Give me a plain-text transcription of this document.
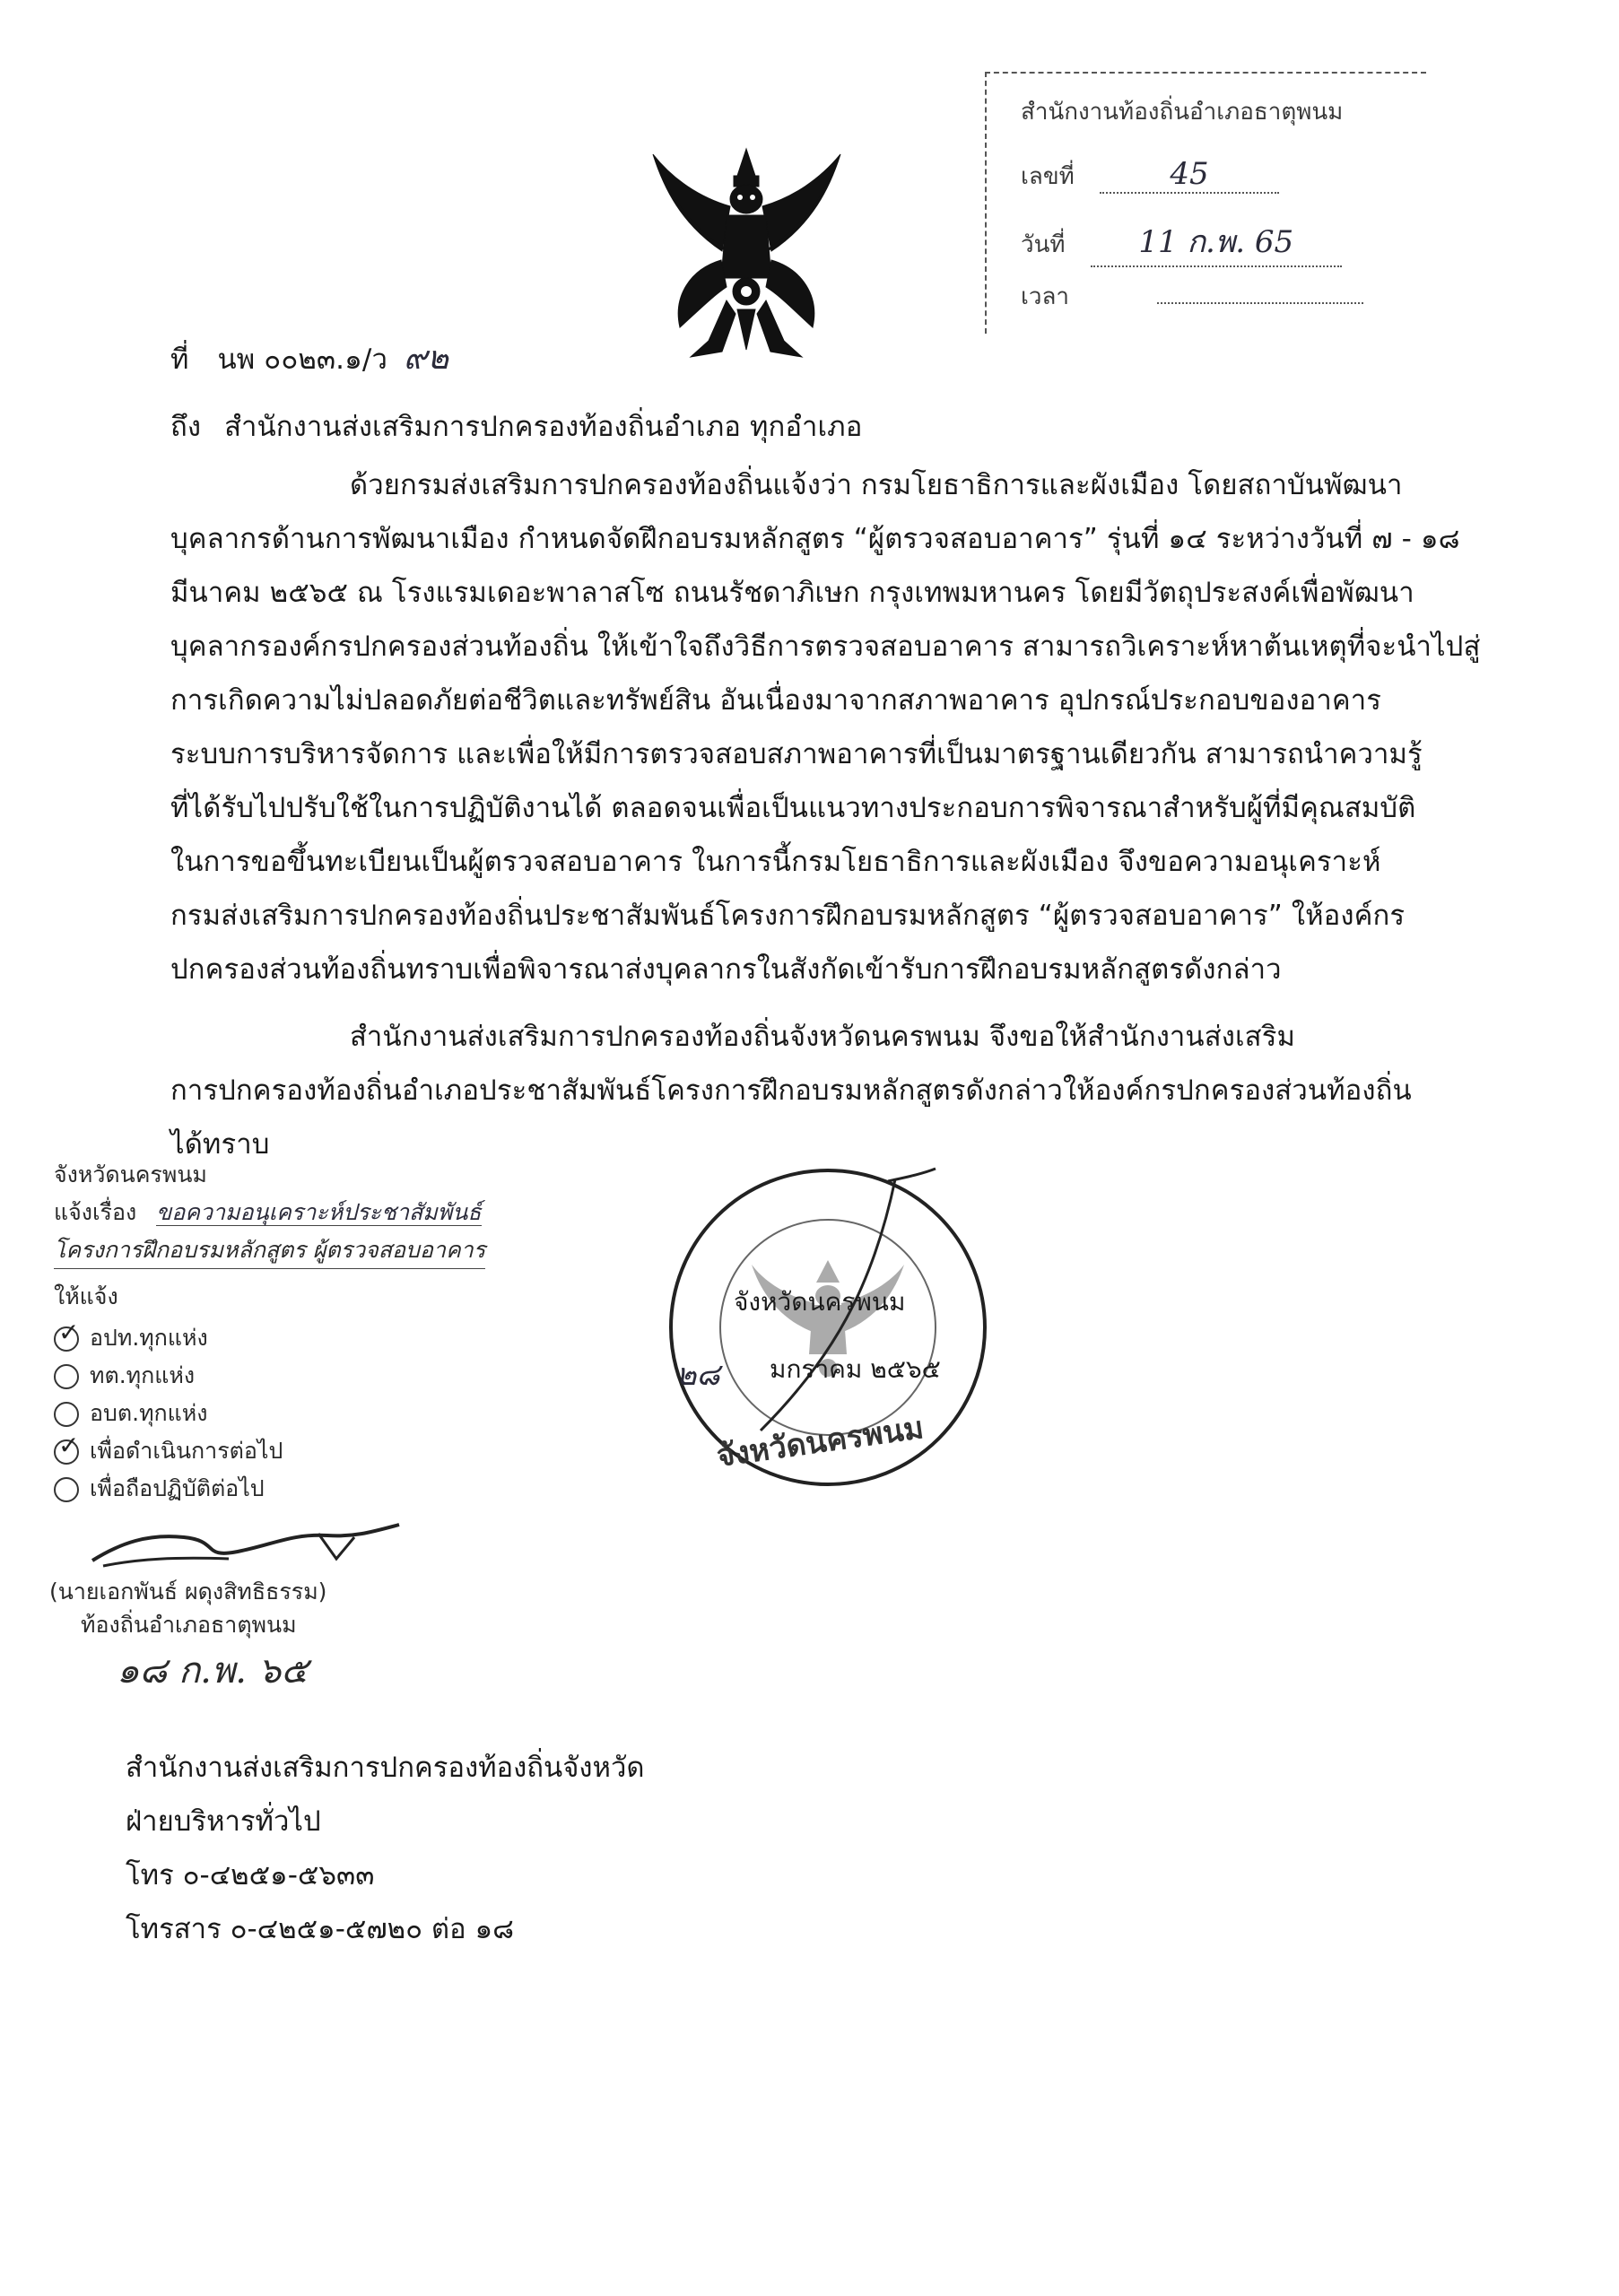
สำนักงานท้องถิ่นอำเภอธาตุพนม
เลขที่	45
วันที่ 11 ก.พ. 65
เวลา
ที่ นพ ๐๐๒๓.๑/ว ๙๒
ถึง สำนักงานส่งเสริมการปกครองท้องถิ่นอำเภอ ทุกอำเภอ
ด้วยกรมส่งเสริมการปกครองท้องถิ่นแจ้งว่า กรมโยธาธิการและผังเมือง โดยสถาบันพัฒนา
บุคลากรด้านการพัฒนาเมือง กำหนดจัดฝึกอบรมหลักสูตร “ผู้ตรวจสอบอาคาร” รุ่นที่ ๑๔ ระหว่างวันที่ ๗ - ๑๘
มีนาคม ๒๕๖๕ ณ โรงแรมเดอะพาลาสโซ ถนนรัชดาภิเษก กรุงเทพมหานคร โดยมีวัตถุประสงค์เพื่อพัฒนา
บุคลากรองค์กรปกครองส่วนท้องถิ่น ให้เข้าใจถึงวิธีการตรวจสอบอาคาร สามารถวิเคราะห์หาต้นเหตุที่จะนำไปสู่
การเกิดความไม่ปลอดภัยต่อชีวิตและทรัพย์สิน อันเนื่องมาจากสภาพอาคาร อุปกรณ์ประกอบของอาคาร
ระบบการบริหารจัดการ และเพื่อให้มีการตรวจสอบสภาพอาคารที่เป็นมาตรฐานเดียวกัน สามารถนำความรู้
ที่ได้รับไปปรับใช้ในการปฏิบัติงานได้ ตลอดจนเพื่อเป็นแนวทางประกอบการพิจารณาสำหรับผู้ที่มีคุณสมบัติ
ในการขอขึ้นทะเบียนเป็นผู้ตรวจสอบอาคาร ในการนี้กรมโยธาธิการและผังเมือง จึงขอความอนุเคราะห์
กรมส่งเสริมการปกครองท้องถิ่นประชาสัมพันธ์โครงการฝึกอบรมหลักสูตร “ผู้ตรวจสอบอาคาร” ให้องค์กร
ปกครองส่วนท้องถิ่นทราบเพื่อพิจารณาส่งบุคลากรในสังกัดเข้ารับการฝึกอบรมหลักสูตรดังกล่าว
สำนักงานส่งเสริมการปกครองท้องถิ่นจังหวัดนครพนม จึงขอให้สำนักงานส่งเสริม
การปกครองท้องถิ่นอำเภอประชาสัมพันธ์โครงการฝึกอบรมหลักสูตรดังกล่าวให้องค์กรปกครองส่วนท้องถิ่น
ได้ทราบ
จังหวัดนครพนม
แจ้งเรื่อง ขอความอนุเคราะห์ประชาสัมพันธ์
โครงการฝึกอบรมหลักสูตร ผู้ตรวจสอบอาคาร
ให้แจ้ง
✓ อปท.ทุกแห่ง
ทต.ทุกแห่ง
อบต.ทุกแห่ง
✓ เพื่อดำเนินการต่อไป
เพื่อถือปฏิบัติต่อไป
(นายเอกพันธ์ ผดุงสิทธิธรรม)
ท้องถิ่นอำเภอธาตุพนม
๑๘ ก.พ. ๖๕
จังหวัดนครพนม
๒๘ มกราคม ๒๕๖๕
จังหวัดนครพนม
สำนักงานส่งเสริมการปกครองท้องถิ่นจังหวัด
ฝ่ายบริหารทั่วไป
โทร ๐-๔๒๕๑-๕๖๓๓
โทรสาร ๐-๔๒๕๑-๕๗๒๐ ต่อ ๑๘
